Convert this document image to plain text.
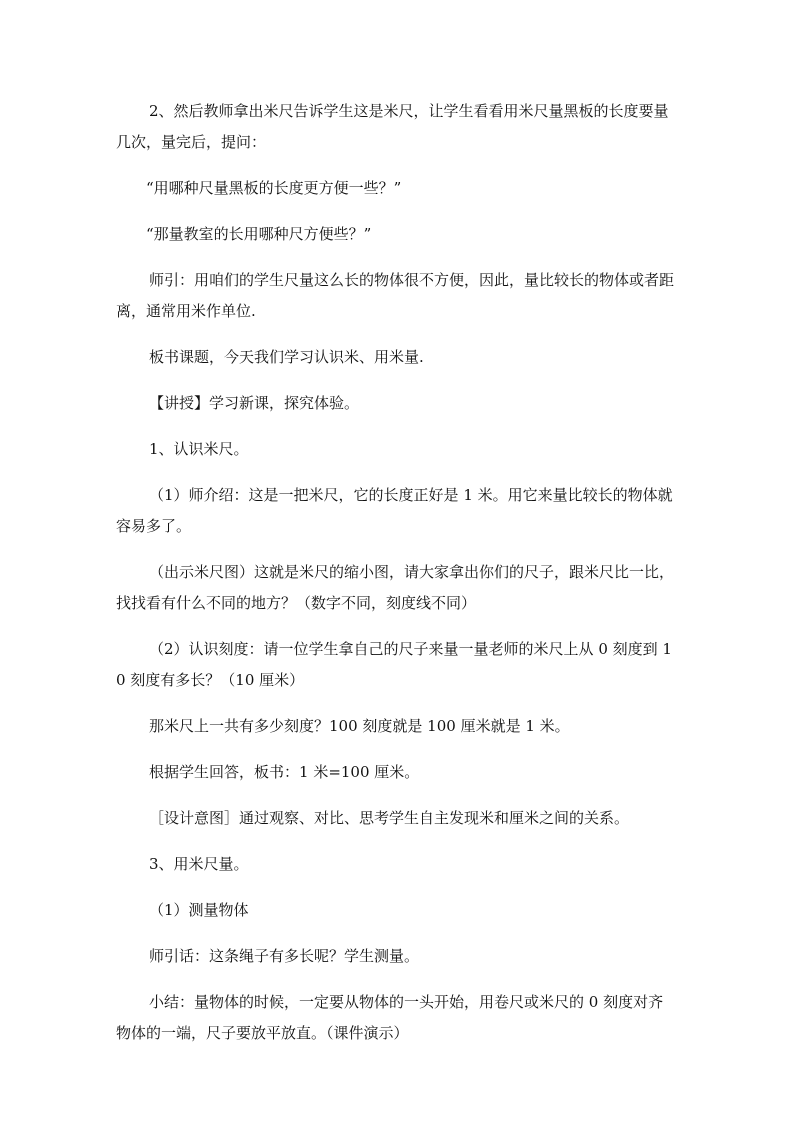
2、然后教师拿出米尺告诉学生这是米尺，让学生看看用米尺量黑板的长度要量几次，量完后，提问：

“用哪种尺量黑板的长度更方便一些？”

“那量教室的长用哪种尺方便些？”

师引：用咱们的学生尺量这么长的物体很不方便，因此，量比较长的物体或者距离，通常用米作单位.

板书课题，今天我们学习认识米、用米量.

【讲授】学习新课，探究体验。

1、认识米尺。

（1）师介绍：这是一把米尺，它的长度正好是 1 米。用它来量比较长的物体就容易多了。

（出示米尺图）这就是米尺的缩小图，请大家拿出你们的尺子，跟米尺比一比，找找看有什么不同的地方？（数字不同，刻度线不同）

（2）认识刻度：请一位学生拿自己的尺子来量一量老师的米尺上从 0 刻度到 10 刻度有多长？（10 厘米）

那米尺上一共有多少刻度？100 刻度就是 100 厘米就是 1 米。

根据学生回答，板书：1 米=100 厘米。

［设计意图］通过观察、对比、思考学生自主发现米和厘米之间的关系。

3、用米尺量。

（1）测量物体

师引话：这条绳子有多长呢？学生测量。

小结：量物体的时候，一定要从物体的一头开始，用卷尺或米尺的 0 刻度对齐物体的一端，尺子要放平放直。（课件演示）
